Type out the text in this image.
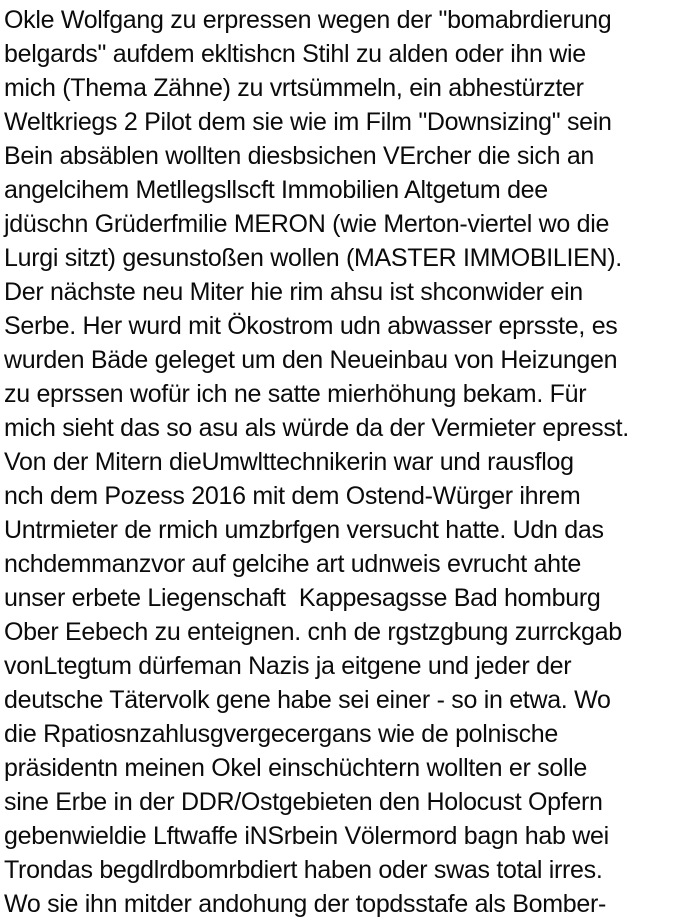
Okle Wolfgang zu erpressen wegen der "bomabrdierung
belgards" aufdem ekltishcn Stihl zu alden oder ihn wie
mich (Thema Zähne) zu vrtsümmeln, ein abhestürzter
Weltkriegs 2 Pilot dem sie wie im Film "Downsizing" sein
Bein absäblen wollten diesbsichen VErcher die sich an
angelcihem Metllegsllscft Immobilien Altgetum dee
jdüschn Grüderfmilie MERON (wie Merton-viertel wo die
Lurgi sitzt) gesunstoßen wollen (MASTER IMMOBILIEN).
Der nächste neu Miter hie rim ahsu ist shconwider ein
Serbe. Her wurd mit Ökostrom udn abwasser eprsste, es
wurden Bäde geleget um den Neueinbau von Heizungen
zu eprssen wofür ich ne satte mierhöhung bekam. Für
mich sieht das so asu als würde da der Vermieter epresst.
Von der Mitern dieUmwlttechnikerin war und rausflog
nch dem Pozess 2016 mit dem Ostend-Würger ihrem
Untrmieter de rmich umzbrfgen versucht hatte. Udn das
nchdemmanzvor auf gelcihe art udnweis evrucht ahte
unser erbete Liegenschaft  Kappesagsse Bad homburg
Ober Eebech zu enteignen. cnh de rgstzgbung zurrckgab
vonLtegtum dürfeman Nazis ja eitgene und jeder der
deutsche Tätervolk gene habe sei einer - so in etwa. Wo
die Rpatiosnzahlusgvergecergans wie de polnische
präsidentn meinen Okel einschüchtern wollten er solle
sine Erbe in der DDR/Ostgebieten den Holocust Opfern
gebenwieldie Lftwaffe iNSrbein Völermord bagn hab wei
Trondas begdlrdbomrbdiert haben oder swas total irres.
Wo sie ihn mitder andohung der topdsstafe als Bomber-
